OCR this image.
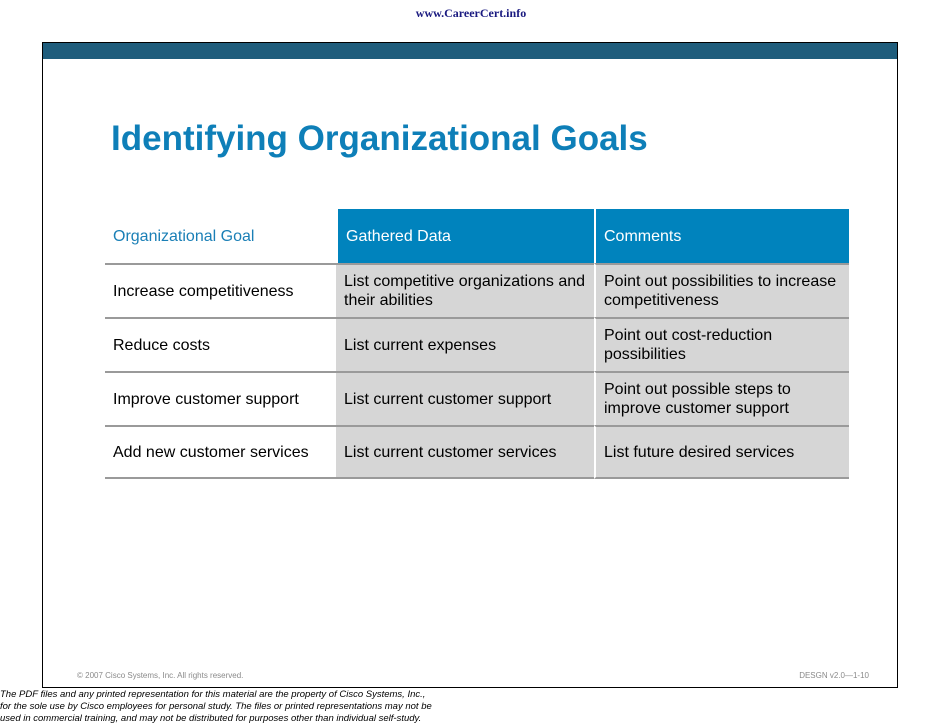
www.CareerCert.info
Identifying Organizational Goals
Organizational Goal	Gathered Data	Comments
Increase competitiveness	List competitive organizations and their abilities	Point out possibilities to increase competitiveness
Reduce costs	List current expenses	Point out cost-reduction possibilities
Improve customer support	List current customer support	Point out possible steps to improve customer support
Add new customer services	List current customer services	List future desired services
© 2007 Cisco Systems, Inc. All rights reserved.	DESGN v2.0—1-10

The PDF files and any printed representation for this material are the property of Cisco Systems, Inc.,
for the sole use by Cisco employees for personal study. The files or printed representations may not be
used in commercial training, and may not be distributed for purposes other than individual self-study.
